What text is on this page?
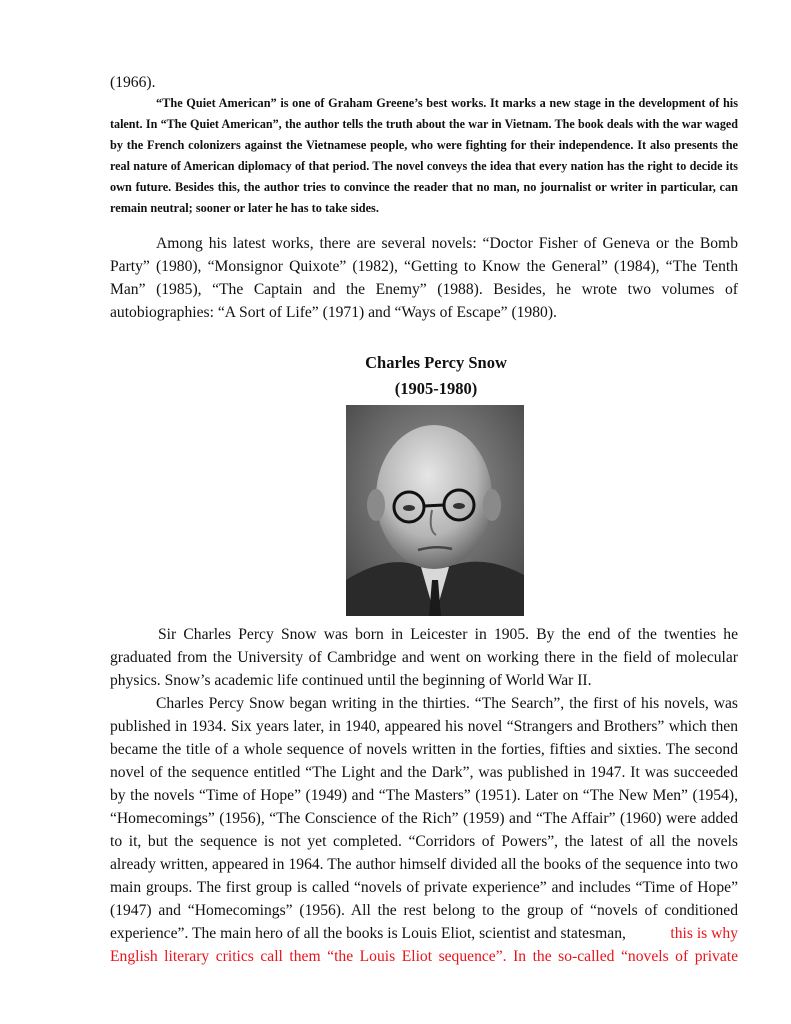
(1966).
“The Quiet American” is one of Graham Greene’s best works. It marks a new stage in the development of his
talent. In “The Quiet American”, the author tells the truth about the war in Vietnam. The book deals with the war waged
by the French colonizers against the Vietnamese people, who were fighting for their independence. It also presents the
real nature of American diplomacy of that period. The novel conveys the idea that every nation has the right to decide its
own future. Besides this, the author tries to convince the reader that no man, no journalist or writer in particular, can
remain neutral; sooner or later he has to take sides.
Among his latest works, there are several novels: “Doctor Fisher of Geneva or the Bomb
Party” (1980), “Monsignor Quixote” (1982), “Getting to Know the General” (1984), “The Tenth
Man” (1985), “The Captain and the Enemy” (1988). Besides, he wrote two volumes of
autobiographies: “A Sort of Life” (1971) and “Ways of Escape” (1980).
Charles Percy Snow
(1905-1980)
Sir Charles Percy Snow was born in Leicester in 1905. By the end of the twenties he
graduated from the University of Cambridge and went on working there in the field of molecular
physics. Snow’s academic life continued until the beginning of World War II.
Charles Percy Snow began writing in the thirties. “The Search”, the first of his novels, was
published in 1934. Six years later, in 1940, appeared his novel “Strangers and Brothers” which then
became the title of a whole sequence of novels written in the forties, fifties and sixties. The second
novel of the sequence entitled “The Light and the Dark”, was published in 1947. It was succeeded
by the novels “Time of Hope” (1949) and “The Masters” (1951). Later on “The New Men” (1954),
“Homecomings” (1956), “The Conscience of the Rich” (1959) and “The Affair” (1960) were added
to it, but the sequence is not yet completed. “Corridors of Powers”, the latest of all the novels
already written, appeared in 1964. The author himself divided all the books of the sequence into two
main groups. The first group is called “novels of private experience” and includes “Time of Hope”
(1947) and “Homecomings” (1956). All the rest belong to the group of “novels of conditioned
experience”. The main hero of all the books is Louis Eliot, scientist and statesman,	this is why
English literary critics call them “the Louis Eliot sequence”. In the so-called “novels of private
